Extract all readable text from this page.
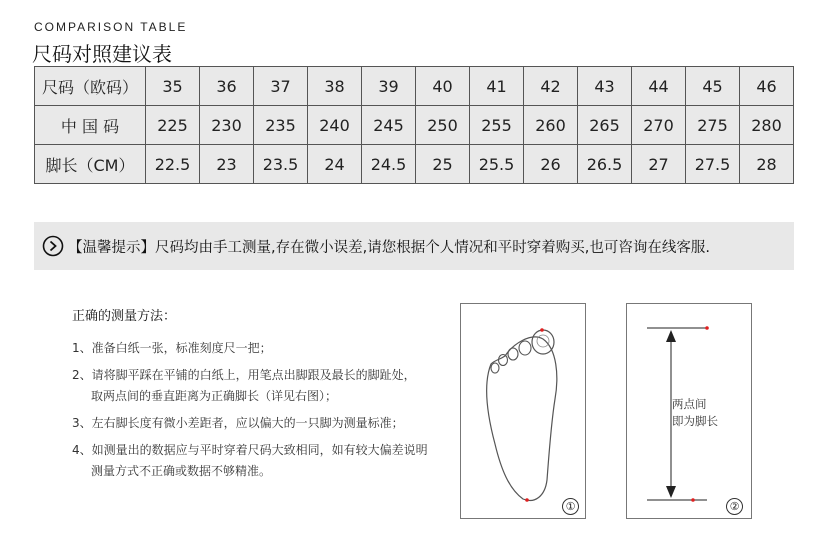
COMPARISON TABLE
尺码对照建议表
尺码（欧码）	35	36	37	38	39	40	41	42	43	44	45	46
中 国 码	225	230	235	240	245	250	255	260	265	270	275	280
脚长（CM）	22.5	23	23.5	24	24.5	25	25.5	26	26.5	27	27.5	28
【温馨提示】尺码均由手工测量,存在微小误差,请您根据个人情况和平时穿着购买,也可咨询在线客服.
正确的测量方法：
1、准备白纸一张，标准刻度尺一把；
2、请将脚平踩在平铺的白纸上，用笔点出脚跟及最长的脚趾处，
取两点间的垂直距离为正确脚长（详见右图）；
3、左右脚长度有微小差距者，应以偏大的一只脚为测量标准；
4、如测量出的数据应与平时穿着尺码大致相同，如有较大偏差说明
测量方式不正确或数据不够精准。
①
两点间
即为脚长
②
